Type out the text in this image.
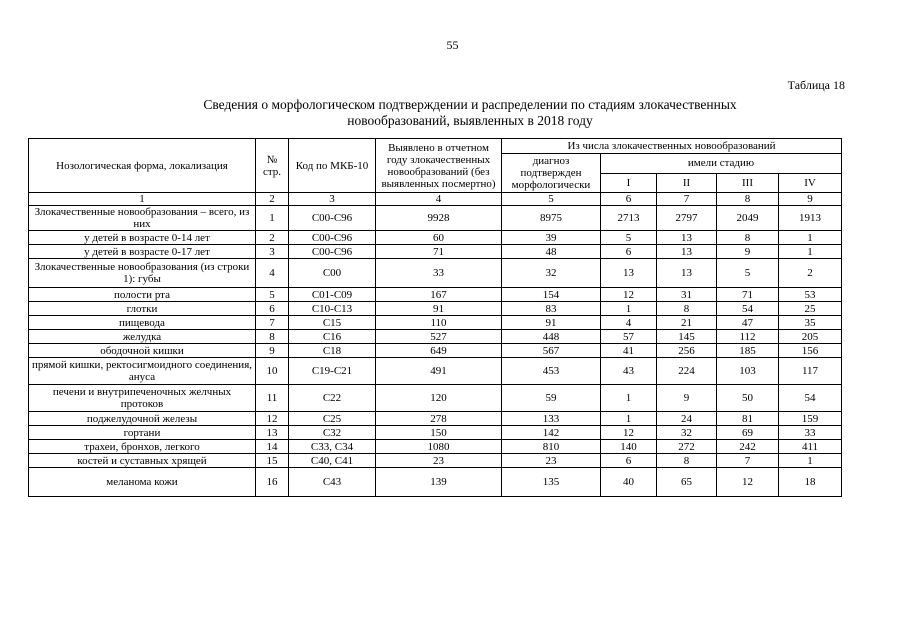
55
Таблица 18
Сведения о морфологическом подтверждении и распределении по стадиям злокачественных
новообразований, выявленных в 2018 году
Нозологическая форма, локализация	№ стр.	Код по МКБ-10	Выявлено в отчетном году злокачественных новообразований (без выявленных посмертно)	Из числа злокачественных новообразований				
				диагноз подтвержден морфологически	имели стадию			
					I	II	III	IV
1	2	3	4	5	6	7	8	9
Злокачественные новообразования – всего, из них	1	C00-C96	9928	8975	2713	2797	2049	1913
у детей в возрасте 0-14 лет	2	C00-C96	60	39	5	13	8	1
у детей в возрасте 0-17 лет	3	C00-C96	71	48	6	13	9	1
Злокачественные новообразования (из строки 1): губы	4	C00	33	32	13	13	5	2
полости рта	5	C01-C09	167	154	12	31	71	53
глотки	6	C10-C13	91	83	1	8	54	25
пищевода	7	C15	110	91	4	21	47	35
желудка	8	C16	527	448	57	145	112	205
ободочной кишки	9	C18	649	567	41	256	185	156
прямой кишки, ректосигмоидного соединения, ануса	10	C19-C21	491	453	43	224	103	117
печени и внутрипеченочных желчных протоков	11	C22	120	59	1	9	50	54
поджелудочной железы	12	C25	278	133	1	24	81	159
гортани	13	C32	150	142	12	32	69	33
трахеи, бронхов, легкого	14	C33, C34	1080	810	140	272	242	411
костей и суставных хрящей	15	C40, C41	23	23	6	8	7	1
меланома кожи	16	C43	139	135	40	65	12	18
